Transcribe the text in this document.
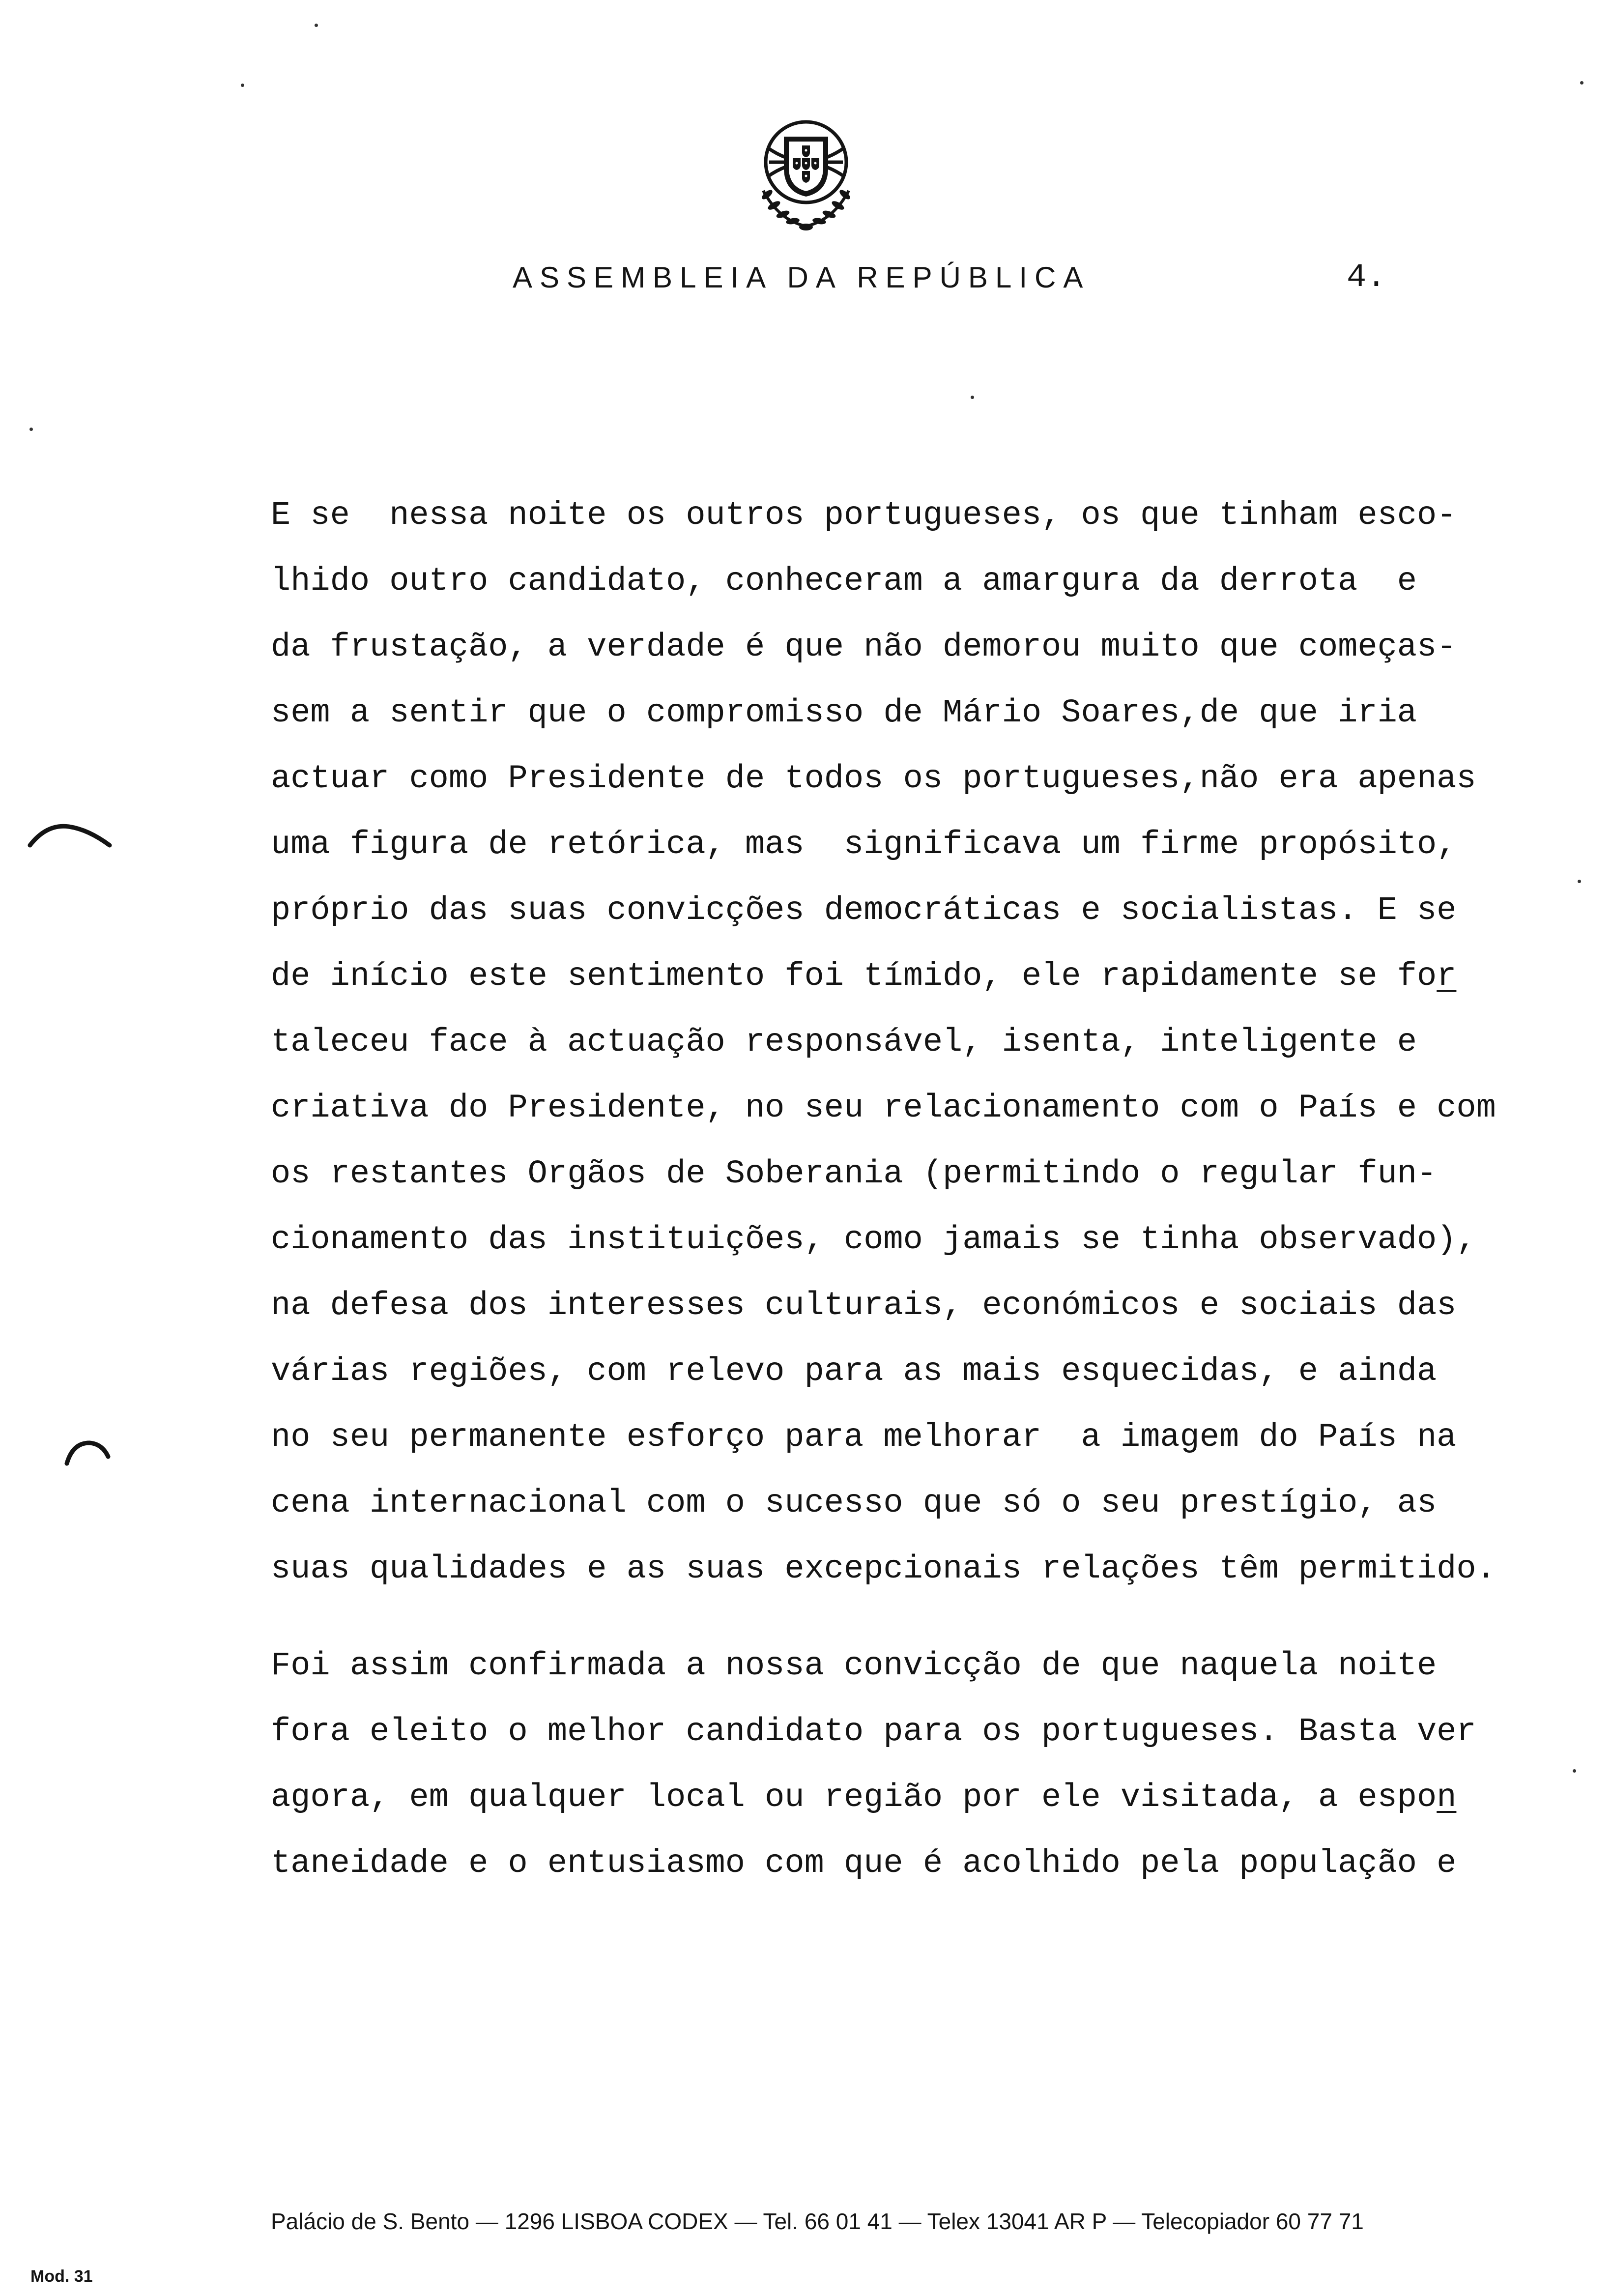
ASSEMBLEIA DA REPÚBLICA	4.
E se  nessa noite os outros portugueses, os que tinham esco-
lhido outro candidato, conheceram a amargura da derrota  e
da frustação, a verdade é que não demorou muito que começas-
sem a sentir que o compromisso de Mário Soares,de que iria
actuar como Presidente de todos os portugueses,não era apenas
uma figura de retórica, mas  significava um firme propósito,
próprio das suas convicções democráticas e socialistas. E se
de início este sentimento foi tímido, ele rapidamente se for
taleceu face à actuação responsável, isenta, inteligente e
criativa do Presidente, no seu relacionamento com o País e com
os restantes Orgãos de Soberania (permitindo o regular fun-
cionamento das instituições, como jamais se tinha observado),
na defesa dos interesses culturais, económicos e sociais das
várias regiões, com relevo para as mais esquecidas, e ainda
no seu permanente esforço para melhorar  a imagem do País na
cena internacional com o sucesso que só o seu prestígio, as
suas qualidades e as suas excepcionais relações têm permitido.
Foi assim confirmada a nossa convicção de que naquela noite
fora eleito o melhor candidato para os portugueses. Basta ver
agora, em qualquer local ou região por ele visitada, a espon
taneidade e o entusiasmo com que é acolhido pela população e
Palácio de S. Bento — 1296 LISBOA CODEX — Tel. 66 01 41 — Telex 13041 AR P — Telecopiador 60 77 71
Mod. 31
